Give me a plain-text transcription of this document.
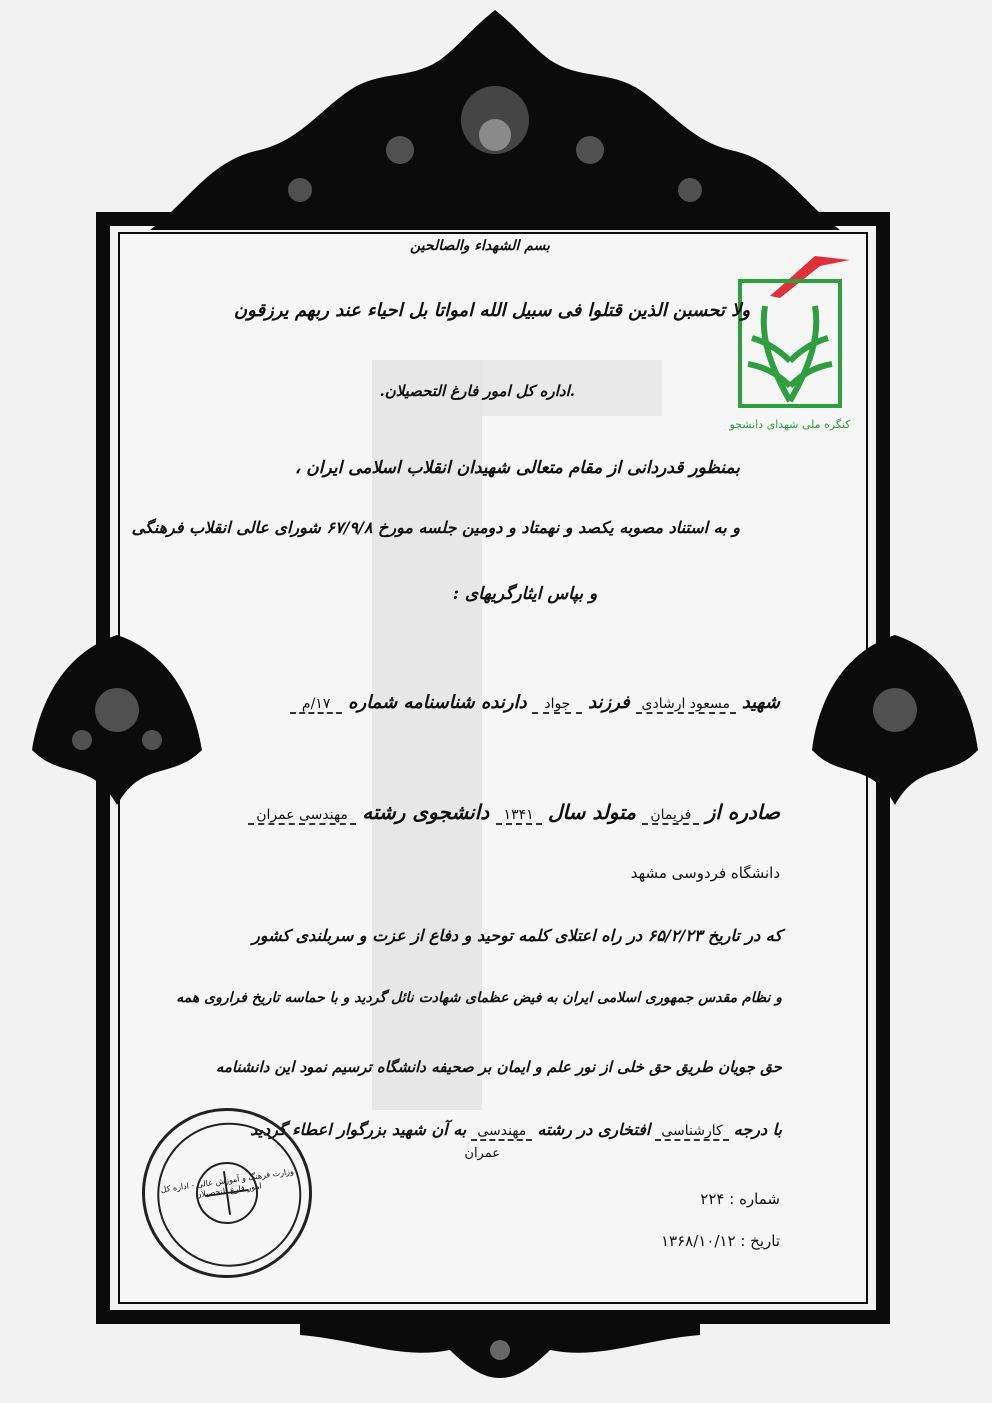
کنگره ملی شهدای دانشجو
بسم الشهداء والصالحین
ولا تحسبن الذین قتلوا فی سبیل الله امواتا بل احیاء عند ربهم یرزقون
.اداره کل امور فارغ التحصیلان.
بمنظور قدردانی از مقام متعالی شهیدان انقلاب اسلامی ایران ،
و به استناد مصوبه یکصد و نهمتاد و دومین جلسه مورخ ۶۷/۹/۸ شورای عالی انقلاب فرهنگی
و بپاس ایثارگریهای :
شهید مسعود ارشادی فرزند جواد دارنده شناسنامه شماره ۱۷/م
صادره از فریمان متولد سال ۱۳۴۱ دانشجوی رشته مهندسی عمران
دانشگاه فردوسی مشهد
که در تاریخ ۶۵/۲/۲۳ در راه اعتلای کلمه توحید و دفاع از عزت و سربلندی کشور
و نظام مقدس جمهوری اسلامی ایران به فیض عظمای شهادت نائل گردید و با حماسه تاریخ فراروی همه
حق جویان طریق حق خلی از نور علم و ایمان بر صحیفه دانشگاه ترسیم نمود این دانشنامه
با درجه کارشناسی افتخاری در رشته مهندسی به آن شهید بزرگوار اعطاء گردید
عمران
وزارت فرهنگ و آموزش عالی - اداره کل امور فارغ التحصیلان	شماره : ۲۲۴
تاریخ : ۱۳۶۸/۱۰/۱۲
